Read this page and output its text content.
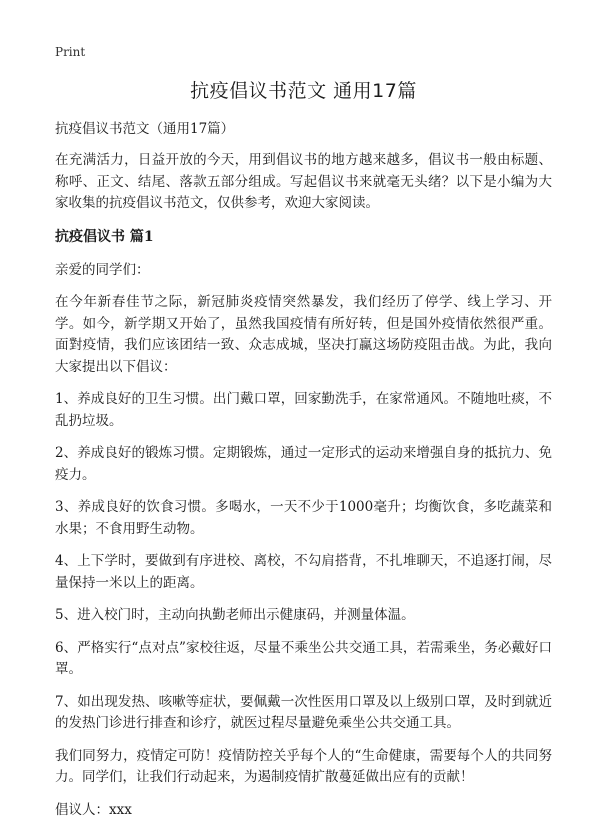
Print
抗疫倡议书范文 通用17篇

抗疫倡议书范文（通用17篇）

在充满活力，日益开放的今天，用到倡议书的地方越来越多，倡议书一般由标题、称呼、正文、结尾、落款五部分组成。写起倡议书来就毫无头绪？以下是小编为大家收集的抗疫倡议书范文，仅供参考，欢迎大家阅读。

抗疫倡议书 篇1

亲爱的同学们：

在今年新春佳节之际，新冠肺炎疫情突然暴发，我们经历了停学、线上学习、开学。如今，新学期又开始了，虽然我国疫情有所好转，但是国外疫情依然很严重。面對疫情，我们应该团结一致、众志成城，坚决打赢这场防疫阻击战。为此，我向大家提出以下倡议：

1、养成良好的卫生习惯。出门戴口罩，回家勤洗手，在家常通风。不随地吐痰，不乱扔垃圾。

2、养成良好的锻炼习惯。定期锻炼，通过一定形式的运动来增强自身的抵抗力、免疫力。

3、养成良好的饮食习惯。多喝水，一天不少于1000毫升；均衡饮食，多吃蔬菜和水果；不食用野生动物。

4、上下学时，要做到有序进校、离校，不勾肩搭背，不扎堆聊天，不追逐打闹，尽量保持一米以上的距离。

5、进入校门时，主动向执勤老师出示健康码，并测量体温。

6、严格实行“点对点”家校往返，尽量不乘坐公共交通工具，若需乘坐，务必戴好口罩。

7、如出现发热、咳嗽等症状，要佩戴一次性医用口罩及以上级别口罩，及时到就近的发热门诊进行排查和诊疗，就医过程尽量避免乘坐公共交通工具。

我们同努力，疫情定可防！疫情防控关乎每个人的“生命健康，需要每个人的共同努力。同学们，让我们行动起来，为遏制疫情扩散蔓延做出应有的贡献！

倡议人：xxx
